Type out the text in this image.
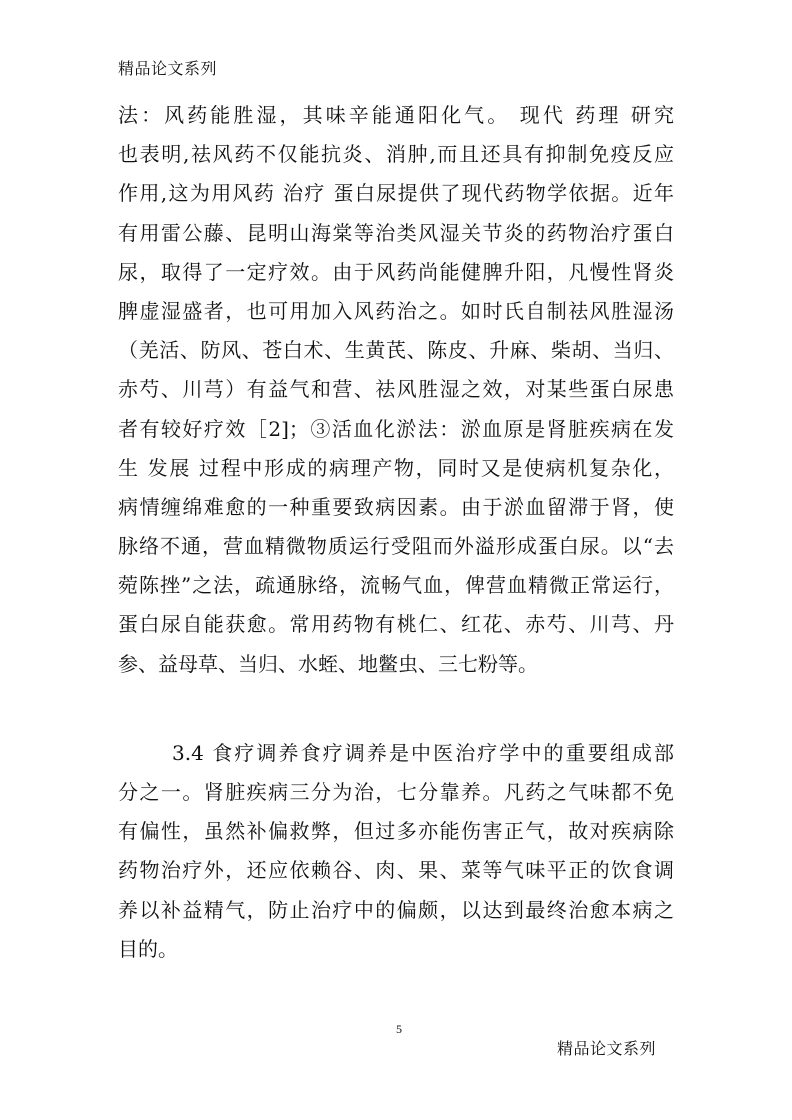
精品论文系列
法：风药能胜湿，其味辛能通阳化气。 现代 药理 研究
也表明,祛风药不仅能抗炎、消肿,而且还具有抑制免疫反应
作用,这为用风药 治疗 蛋白尿提供了现代药物学依据。近年
有用雷公藤、昆明山海棠等治类风湿关节炎的药物治疗蛋白
尿，取得了一定疗效。由于风药尚能健脾升阳，凡慢性肾炎
脾虚湿盛者，也可用加入风药治之。如时氏自制祛风胜湿汤
（羌活、防风、苍白术、生黄芪、陈皮、升麻、柴胡、当归、
赤芍、川芎）有益气和营、祛风胜湿之效，对某些蛋白尿患
者有较好疗效［2]；③活血化淤法：淤血原是肾脏疾病在发
生 发展 过程中形成的病理产物，同时又是使病机复杂化，
病情缠绵难愈的一种重要致病因素。由于淤血留滞于肾，使
脉络不通，营血精微物质运行受阻而外溢形成蛋白尿。以“去
菀陈挫”之法，疏通脉络，流畅气血，俾营血精微正常运行，
蛋白尿自能获愈。常用药物有桃仁、红花、赤芍、川芎、丹
参、益母草、当归、水蛭、地鳖虫、三七粉等。
3.4 食疗调养食疗调养是中医治疗学中的重要组成部
分之一。肾脏疾病三分为治，七分靠养。凡药之气味都不免
有偏性，虽然补偏救弊，但过多亦能伤害正气，故对疾病除
药物治疗外，还应依赖谷、肉、果、菜等气味平正的饮食调
养以补益精气，防止治疗中的偏颇，以达到最终治愈本病之
目的。
5
精品论文系列
